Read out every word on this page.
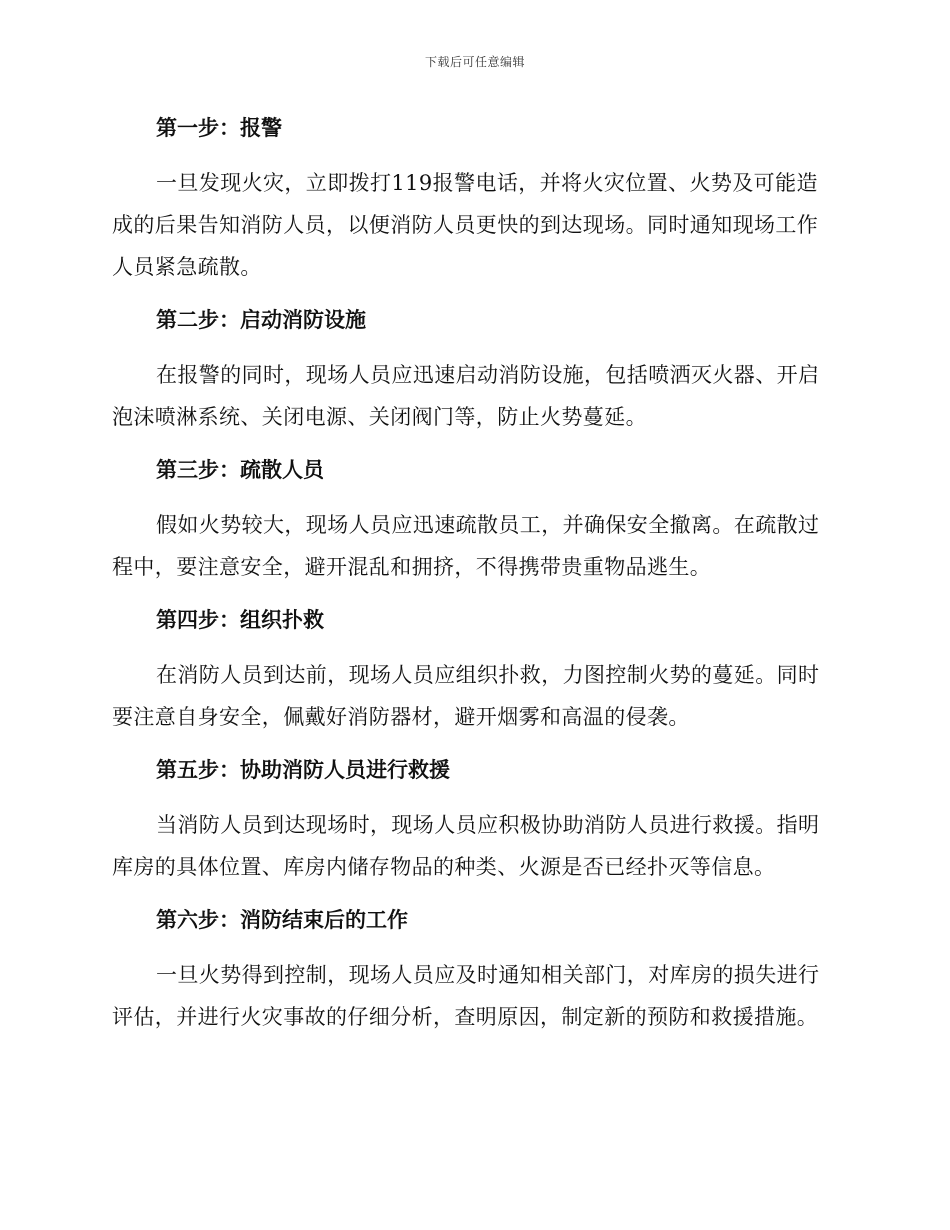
下载后可任意编辑

第一步：报警

一旦发现火灾，立即拨打119报警电话，并将火灾位置、火势及可能造成的后果告知消防人员，以便消防人员更快的到达现场。同时通知现场工作人员紧急疏散。

第二步：启动消防设施

在报警的同时，现场人员应迅速启动消防设施，包括喷洒灭火器、开启泡沫喷淋系统、关闭电源、关闭阀门等，防止火势蔓延。

第三步：疏散人员

假如火势较大，现场人员应迅速疏散员工，并确保安全撤离。在疏散过程中，要注意安全，避开混乱和拥挤，不得携带贵重物品逃生。

第四步：组织扑救

在消防人员到达前，现场人员应组织扑救，力图控制火势的蔓延。同时要注意自身安全，佩戴好消防器材，避开烟雾和高温的侵袭。

第五步：协助消防人员进行救援

当消防人员到达现场时，现场人员应积极协助消防人员进行救援。指明库房的具体位置、库房内储存物品的种类、火源是否已经扑灭等信息。

第六步：消防结束后的工作

一旦火势得到控制，现场人员应及时通知相关部门，对库房的损失进行评估，并进行火灾事故的仔细分析，查明原因，制定新的预防和救援措施。
